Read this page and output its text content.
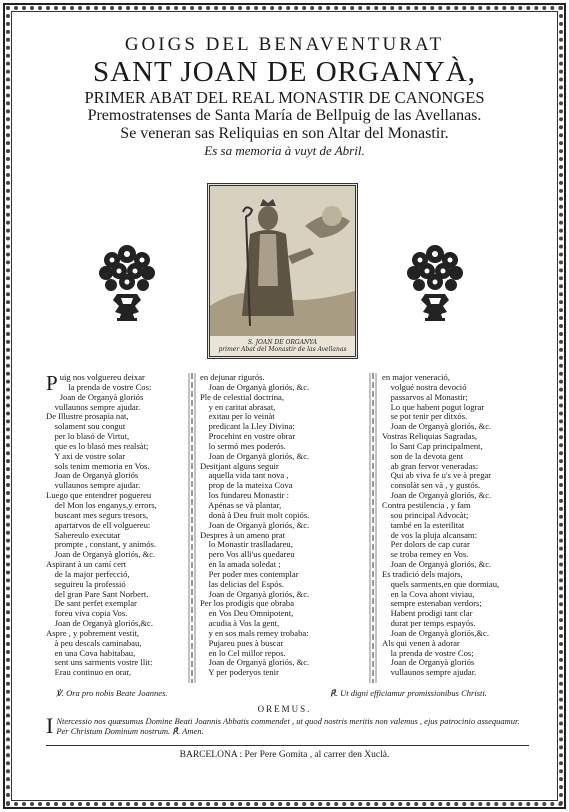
GOIGS DEL BENAVENTURAT
SANT JOAN DE ORGANYÀ,
PRIMER ABAT DEL REAL MONASTIR DE CANONGES
Premostratenses de Santa María de Bellpuig de las Avellanas.
Se veneran sas Reliquias en son Altar del Monastir.
Es sa memoria à vuyt de Abril.
S. JOAN DE ORGANYA
primer Abat del Monastir de las Avellanas
Puig nos volguereu deixar
la prenda de vostre Cos:
Joan de Organyà gloriós
vullaunos sempre ajudar.
De Illustre prosapia nat,
solament sou congut
per lo blasó de Virtut,
que es lo blasó mes realsàt;
Y axi de vostre solar
sols tenim memoria en Vos.
Joan de Organyà gloriós
vullaunos sempre ajudar.
Luego que entendrer poguereu
del Mon los enganys,y errors,
buscant mes segurs tresors,
apartarvos de ell volguereu:
Sabereulo executar
prompte , constant, y animós.
Joan de Organyà gloriós, &c.
Aspirant à un camí cert
de la major perfecció,
seguireu la professió
del gran Pare Sant Norbert.
De sant perfet exemplar
foreu viva copia Vos.
Joan de Organyà gloriós,&c.
Aspre , y pobrement vestit,
à peu descals caminabau,
en una Cova habitabau,
sent uns sarments vostre llit:
Erau continuo en orar,
en dejunar rigurós.
Joan de Organyà gloriós, &c.
Ple de celestial doctrina,
y en caritat abrasat,
exitau per lo veinàt
predicant la Lley Divina:
Procehint en vostre obrar
lo sermó mes poderós.
Joan de Organyà gloriós, &c.
Desitjant alguns seguir
aquella vida tant nova ,
prop de la mateixa Cova
los fundareu Monastir :
Apénas se và plantar,
donà à Deu fruit molt copiós.
Joan de Organyà gloriós, &c.
Despres à un ameno prat
lo Monastir traslladareu,
pero Vos alli'us quedareu
en la amada soledat ;
Per poder mes contemplar
las delicias del Espós.
Joan de Organyà gloriós, &c.
Per los prodigis que obraba
en Vos Deu Omnipotent,
acudia à Vos la gent,
y en sos mals remey trobaba:
Pujareu pues à buscar
en lo Cel millor repos.
Joan de Organyà gloriós, &c.
Y per poderyos tenir
en major veneració,
volgué nostra devoció
passarvos al Monastir;
Lo que habent pogut lograr
se pot tenir per ditxós.
Joan de Organyà gloriós, &c.
Vostras Reliquias Sagradas,
lo Sant Cap principalment,
son de la devota gent
ab gran fervor veneradas:
Qui ab viva fe u's ve à pregar
consolàt sen và , y gustós.
Joan de Organyà gloriós, &c.
Contra pestilencia , y fam
sou principal Advocàt;
també en la esterilitat
de vos la pluja alcansam:
Per dolors de cap curar
se troba remey en Vos.
Joan de Organyà gloriós, &c.
Es tradició dels majors,
quels sarments,en que dormiau,
en la Cova ahont viviau,
sempre estenaban verdors;
Habent prodigi tant clar
durat per temps espayós.
Joan de Organyà gloriós,&c.
Als qui venen à adorar
la prenda de vostre Cos;
Joan de Organyà gloriós
vullaunos sempre ajudar.
℣. Ora pro nobis Beate Joannes.	℟. Ut digni efficiamur promissionibus Christi.
OREMUS.
I Ntercessio nos quæsumus Domine Beati Joannis Abbatis commendet , ut quod nostris meritis non valemus , ejus patrocinio assequamur. Per Christum Dominum nostrum. ℟. Amen.
BARCELONA : Per Pere Gomita , al carrer den Xuclà.
